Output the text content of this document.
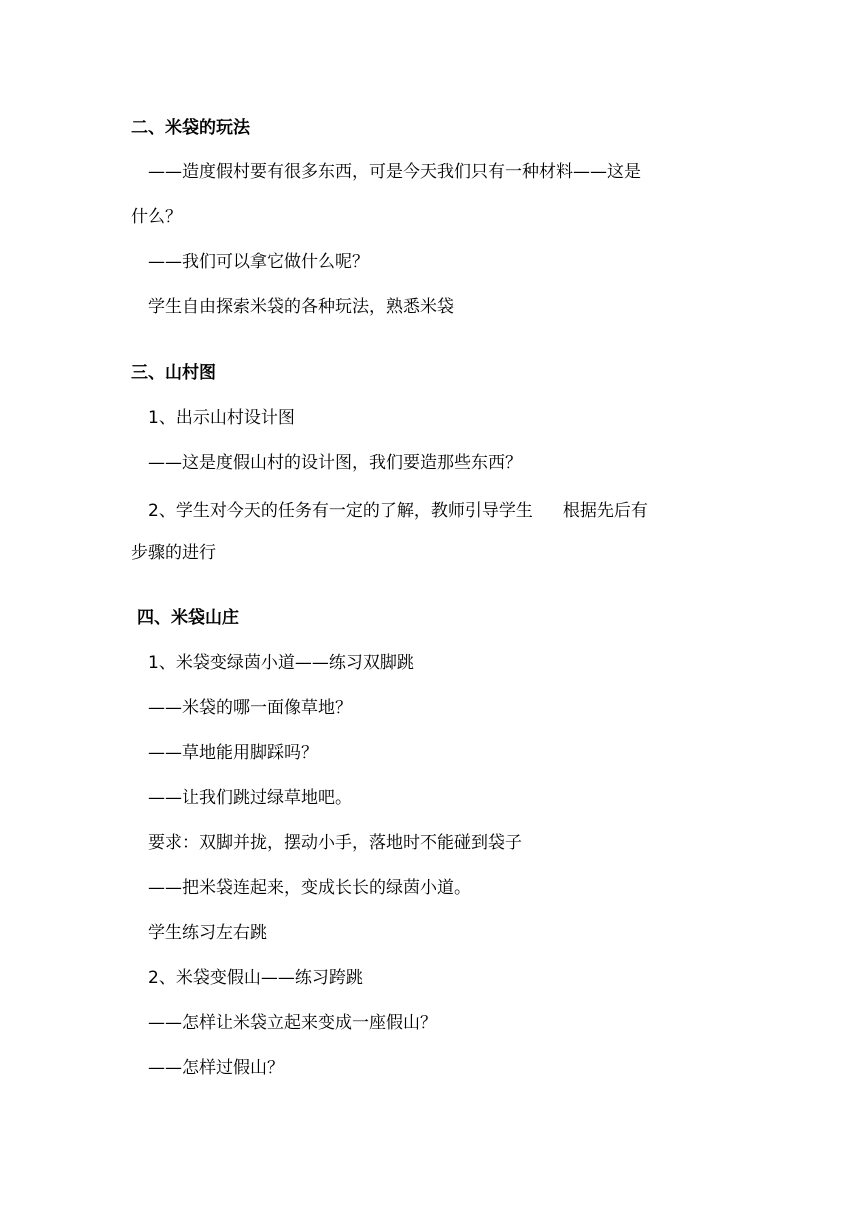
二、米袋的玩法
——造度假村要有很多东西，可是今天我们只有一种材料——这是
什么？
——我们可以拿它做什么呢？
学生自由探索米袋的各种玩法，熟悉米袋
三、山村图
1、出示山村设计图
——这是度假山村的设计图，我们要造那些东西？
2、学生对今天的任务有一定的了解，教师引导学生 根据先后有
步骤的进行
四、米袋山庄
1、米袋变绿茵小道——练习双脚跳
——米袋的哪一面像草地？
——草地能用脚踩吗？
——让我们跳过绿草地吧。
要求：双脚并拢，摆动小手，落地时不能碰到袋子
——把米袋连起来，变成长长的绿茵小道。
学生练习左右跳
2、米袋变假山——练习跨跳
——怎样让米袋立起来变成一座假山？
——怎样过假山？
